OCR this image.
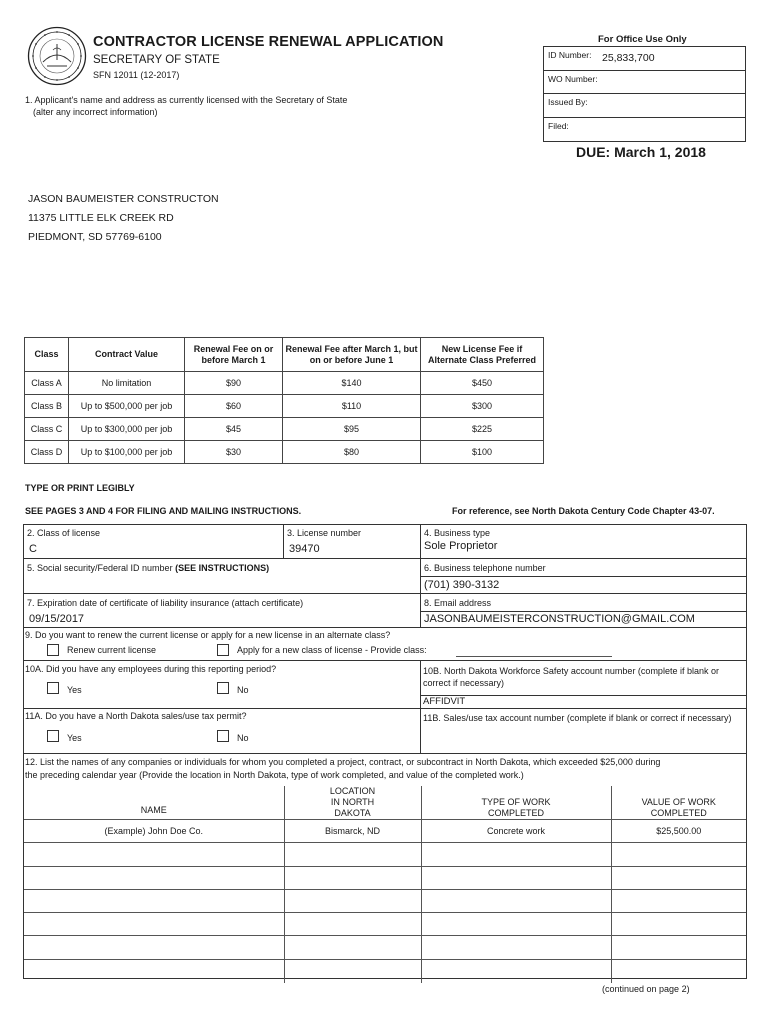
CONTRACTOR LICENSE RENEWAL APPLICATION
SECRETARY OF STATE
SFN 12011 (12-2017)
For Office Use Only
ID Number: 25,833,700
WO Number:
Issued By:
Filed:
DUE: March 1, 2018
1. Applicant's name and address as currently licensed with the Secretary of State
(alter any incorrect information)
JASON BAUMEISTER CONSTRUCTON
11375 LITTLE ELK CREEK RD
PIEDMONT, SD 57769-6100
Class	Contract Value	Renewal Fee on or before March 1	Renewal Fee after March 1, but on or before June 1	New License Fee if Alternate Class Preferred
Class A	No limitation	$90	$140	$450
Class B	Up to $500,000 per job	$60	$110	$300
Class C	Up to $300,000 per job	$45	$95	$225
Class D	Up to $100,000 per job	$30	$80	$100
TYPE OR PRINT LEGIBLY
SEE PAGES 3 AND 4 FOR FILING AND MAILING INSTRUCTIONS.	For reference, see North Dakota Century Code Chapter 43-07.
2. Class of license
C
3. License number
39470
4. Business type
Sole Proprietor
5. Social security/Federal ID number (SEE INSTRUCTIONS)	6. Business telephone number
(701) 390-3132
7. Expiration date of certificate of liability insurance (attach certificate)
09/15/2017
8. Email address
JASONBAUMEISTERCONSTRUCTION@GMAIL.COM
9. Do you want to renew the current license or apply for a new license in an alternate class?
Renew current license	Apply for a new class of license - Provide class:
10A. Did you have any employees during this reporting period?
Yes	No
10B. North Dakota Workforce Safety account number (complete if blank or correct if necessary)
AFFIDVIT
11A. Do you have a North Dakota sales/use tax permit?
Yes	No
11B. Sales/use tax account number (complete if blank or correct if necessary)
12. List the names of any companies or individuals for whom you completed a project, contract, or subcontract in North Dakota, which exceeded $25,000 during
the preceding calendar year (Provide the location in North Dakota, type of work completed, and value of the completed work.)
NAME	LOCATION IN NORTH DAKOTA	TYPE OF WORK COMPLETED	VALUE OF WORK COMPLETED
(Example) John Doe Co.	Bismarck, ND	Concrete work	$25,500.00

(continued on page 2)
